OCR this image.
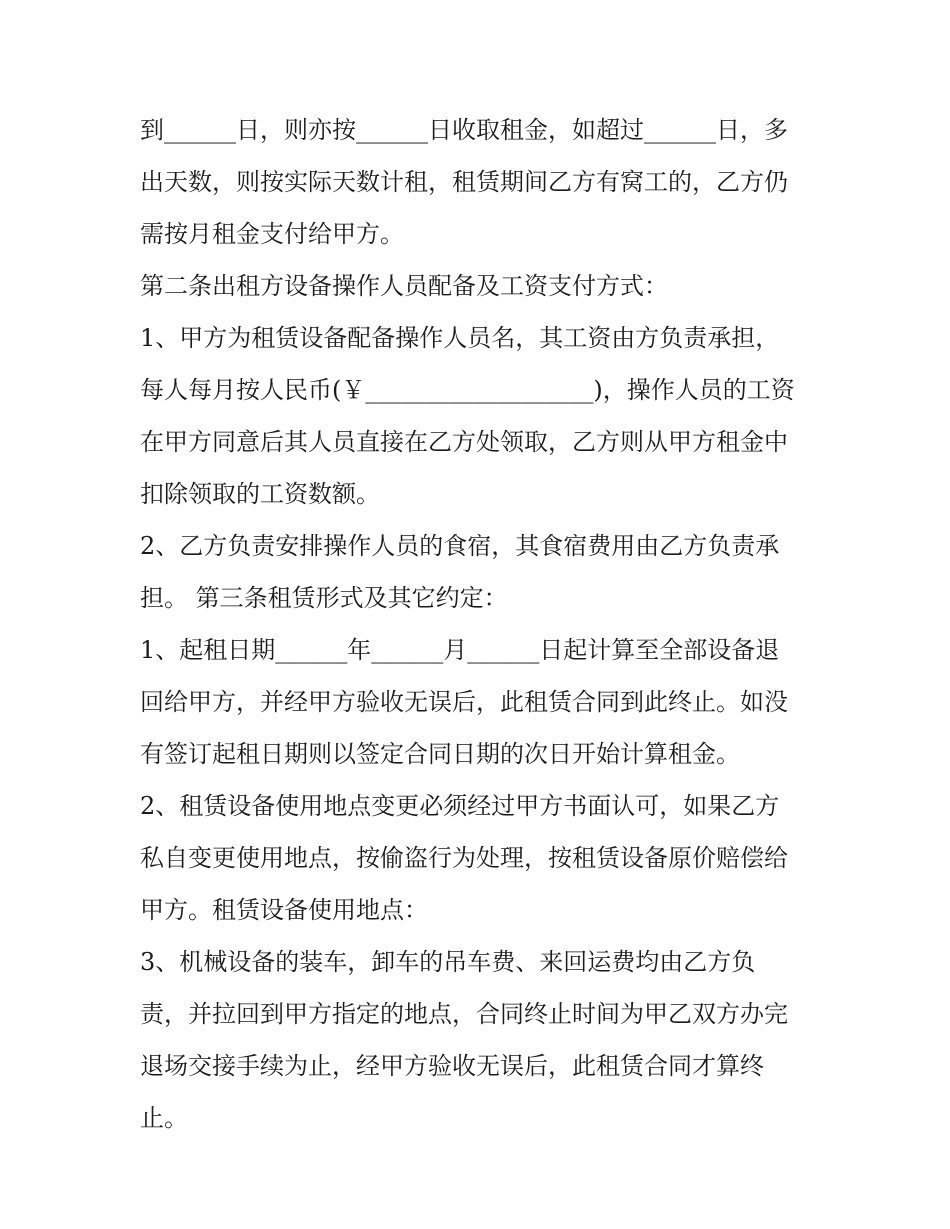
到______日，则亦按______日收取租金，如超过______日，多
出天数，则按实际天数计租，租赁期间乙方有窝工的，乙方仍
需按月租金支付给甲方。
第二条出租方设备操作人员配备及工资支付方式：
1、甲方为租赁设备配备操作人员名，其工资由方负责承担，
每人每月按人民币(￥___________________)，操作人员的工资
在甲方同意后其人员直接在乙方处领取，乙方则从甲方租金中
扣除领取的工资数额。
2、乙方负责安排操作人员的食宿，其食宿费用由乙方负责承
担。 第三条租赁形式及其它约定：
1、起租日期______年______月______日起计算至全部设备退
回给甲方，并经甲方验收无误后，此租赁合同到此终止。如没
有签订起租日期则以签定合同日期的次日开始计算租金。
2、租赁设备使用地点变更必须经过甲方书面认可，如果乙方
私自变更使用地点，按偷盗行为处理，按租赁设备原价赔偿给
甲方。租赁设备使用地点：
3、机械设备的装车，卸车的吊车费、来回运费均由乙方负
责，并拉回到甲方指定的地点，合同终止时间为甲乙双方办完
退场交接手续为止，经甲方验收无误后，此租赁合同才算终
止。
